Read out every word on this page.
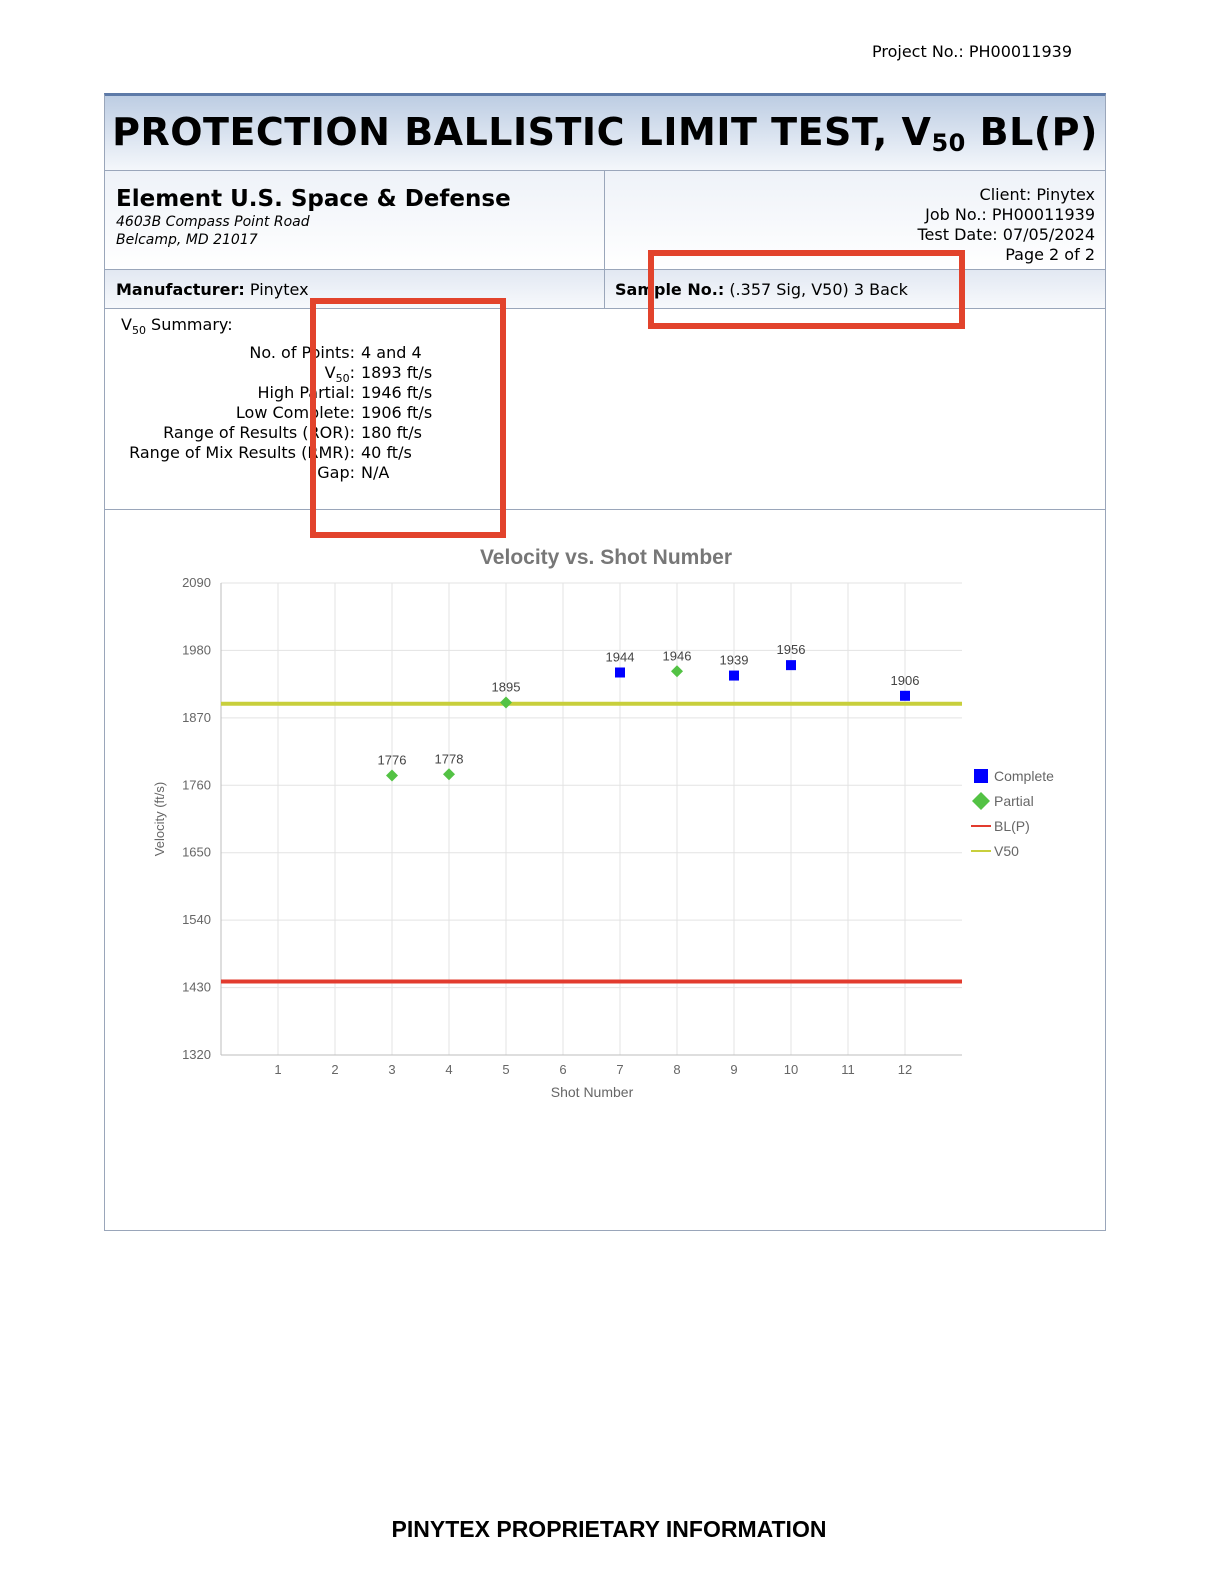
Project No.: PH00011939
PROTECTION BALLISTIC LIMIT TEST, $V_{50}$ BL(P)
Element U.S. Space & Defense
4603B Compass Point Road
Belcamp, MD 21017
Client: Pinytex
Job No.: PH00011939
Test Date: 07/05/2024
Page 2 of 2
Manufacturer: Pinytex	Sample No.: (.357 Sig, V50) 3 Back
$V_{50}$ Summary:
No. of Points: 4 and 4
$V_{50}$: 1893 ft/s
High Partial: 1946 ft/s
Low Complete: 1906 ft/s
Range of Results (ROR): 180 ft/s
Range of Mix Results (RMR): 40 ft/s
Gap: N/A
1320
1430
1540
1650
1760
1870
1980
2090
1	2	3	4	5	6	7	8	9	10	11	12
Velocity vs. Shot Number
Shot Number
Velocity (ft/s)
1944	1939
1956
1906
1776 1778
1895
1946
Complete
Partial
BL(P)
V50
PINYTEX PROPRIETARY INFORMATION
